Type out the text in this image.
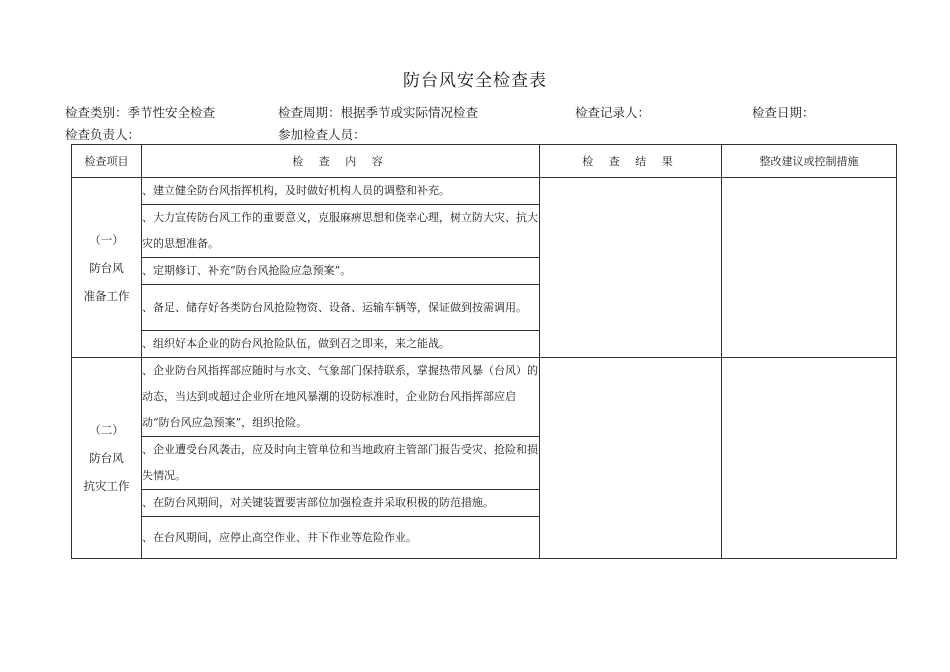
防台风安全检查表
检查类别：季节性安全检查	检查周期：根据季节或实际情况检查	检查记录人：	检查日期：
检查负责人：	参加检查人员：
检查项目	检 查 内 容	检 查 结 果	整改建议或控制措施

（一）
防台风
准备工作	、建立健全防台风指挥机构，及时做好机构人员的调整和补充。		
	、大力宣传防台风工作的重要意义，克服麻痹思想和侥幸心理，树立防大灾、抗大灾的思想准备。		
	、定期修订、补充“防台风抢险应急预案”。		
	、备足、储存好各类防台风抢险物资、设备、运输车辆等，保证做到按需调用。		
	、组织好本企业的防台风抢险队伍，做到召之即来，来之能战。		

（二）
防台风
抗灾工作	、企业防台风指挥部应随时与水文、气象部门保持联系，掌握热带风暴（台风）的动态，当达到或超过企业所在地风暴潮的设防标准时，企业防台风指挥部应启动“防台风应急预案”，组织抢险。		
	、企业遭受台风袭击，应及时向主管单位和当地政府主管部门报告受灾、抢险和损失情况。		
	、在防台风期间，对关键装置要害部位加强检查并采取积极的防范措施。		
	、在台风期间，应停止高空作业、井下作业等危险作业。		
